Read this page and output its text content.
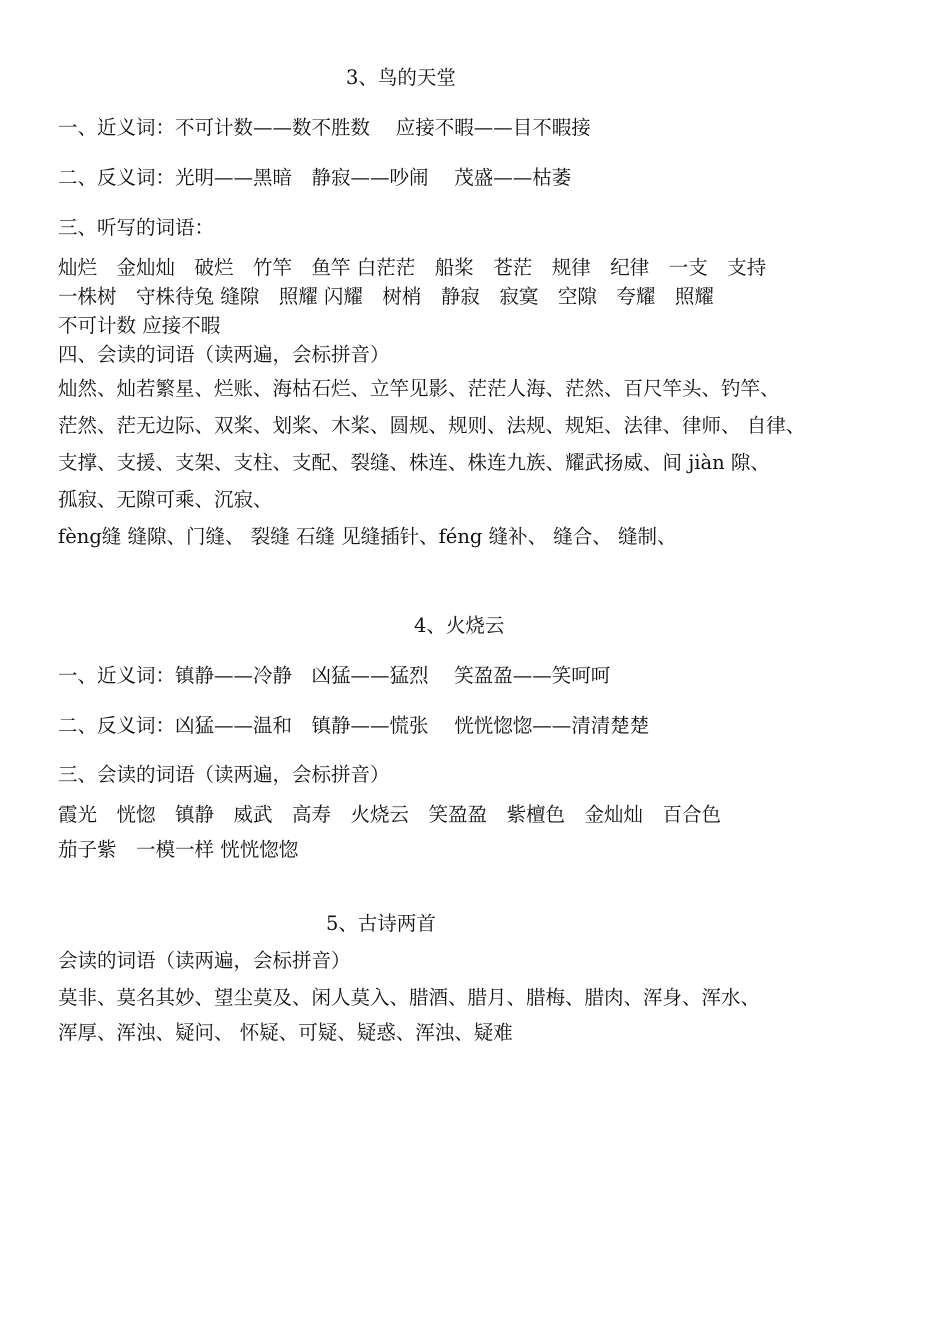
3、鸟的天堂
一、近义词：不可计数——数不胜数　 应接不暇——目不暇接
二、反义词：光明——黑暗　静寂——吵闹　 茂盛——枯萎
三、听写的词语：
灿烂　金灿灿　破烂　竹竿　鱼竿 白茫茫　船桨　苍茫　规律　纪律　一支　支持
一株树　守株待兔 缝隙　照耀 闪耀　树梢　静寂　寂寞　空隙　夸耀　照耀
不可计数 应接不暇
四、会读的词语（读两遍，会标拼音）
灿然、灿若繁星、烂账、海枯石烂、立竿见影、茫茫人海、茫然、百尺竿头、钓竿、
茫然、茫无边际、双桨、划桨、木桨、圆规、规则、法规、规矩、法律、律师、 自律、
支撑、支援、支架、支柱、支配、裂缝、株连、株连九族、耀武扬威、间 jiàn 隙、
孤寂、无隙可乘、沉寂、
fèng缝 缝隙、门缝、 裂缝 石缝 见缝插针、féng 缝补、 缝合、 缝制、
4、火烧云
一、近义词：镇静——冷静　凶猛——猛烈　 笑盈盈——笑呵呵
二、反义词：凶猛——温和　镇静——慌张　 恍恍惚惚——清清楚楚
三、会读的词语（读两遍，会标拼音）
霞光　恍惚　镇静　威武　高寿　火烧云　笑盈盈　紫檀色　金灿灿　百合色
茄子紫　一模一样 恍恍惚惚
5、古诗两首
会读的词语（读两遍，会标拼音）
莫非、莫名其妙、望尘莫及、闲人莫入、腊酒、腊月、腊梅、腊肉、浑身、浑水、
浑厚、浑浊、疑问、 怀疑、可疑、疑惑、浑浊、疑难
